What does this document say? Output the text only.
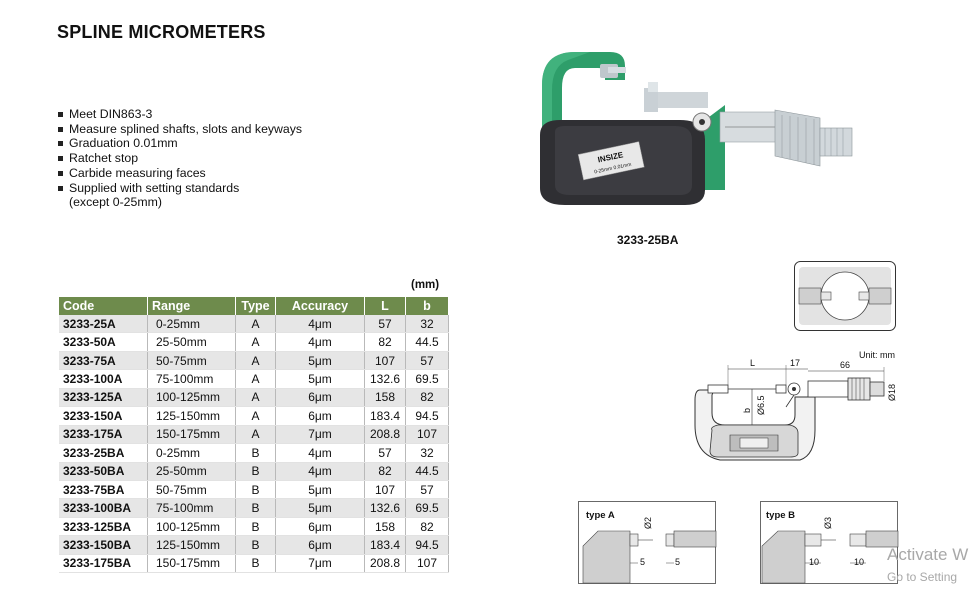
SPLINE MICROMETERS
Meet DIN863-3
Measure splined shafts, slots and keyways
Graduation 0.01mm
Ratchet stop
Carbide measuring faces
Supplied with setting standards
(except 0-25mm)
(mm)
Code	Range	Type	Accuracy	L	b
3233-25A	0-25mm	A	4μm	57	32
3233-50A	25-50mm	A	4μm	82	44.5
3233-75A	50-75mm	A	5μm	107	57
3233-100A	75-100mm	A	5μm	132.6	69.5
3233-125A	100-125mm	A	6μm	158	82
3233-150A	125-150mm	A	6μm	183.4	94.5
3233-175A	150-175mm	A	7μm	208.8	107
3233-25BA	0-25mm	B	4μm	57	32
3233-50BA	25-50mm	B	4μm	82	44.5
3233-75BA	50-75mm	B	5μm	107	57
3233-100BA	75-100mm	B	5μm	132.6	69.5
3233-125BA	100-125mm	B	6μm	158	82
3233-150BA	125-150mm	B	6μm	183.4	94.5
3233-175BA	150-175mm	B	7μm	208.8	107
INSIZE
0-25mm 0.01mm
3233-25BA
Unit: mm
L	17	66
b Ø6.5
Ø18
type A
Ø2
5	5
type B
Ø3
10	10 Activate W
Go to Setting
